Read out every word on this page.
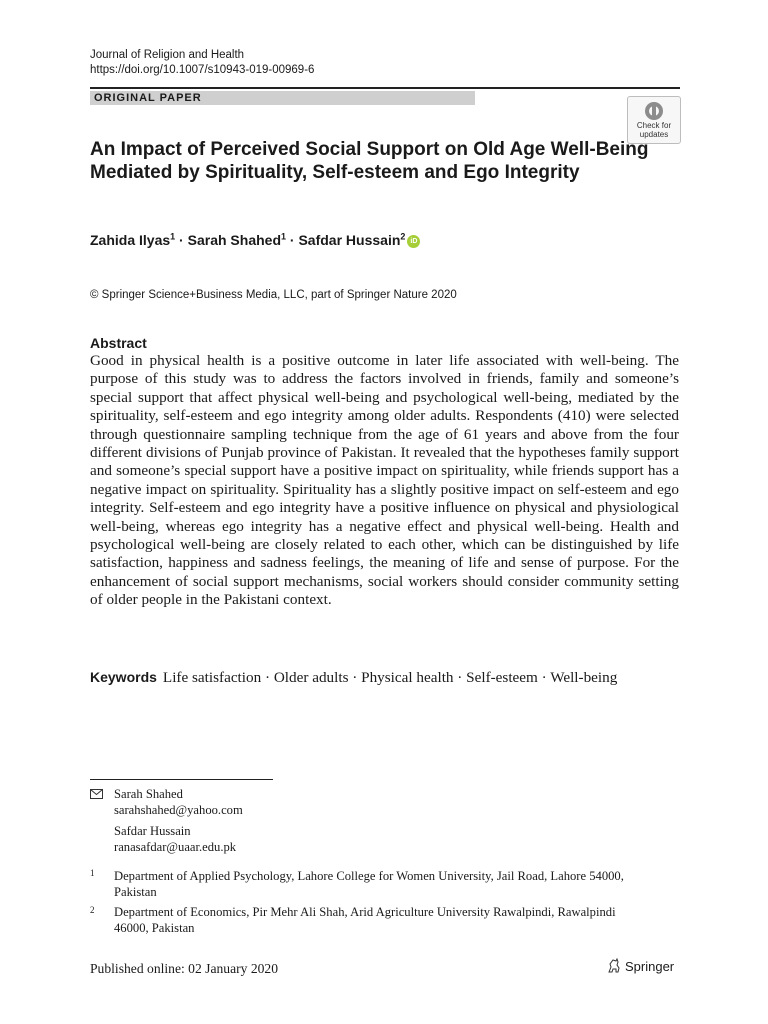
Journal of Religion and Health
https://doi.org/10.1007/s10943-019-00969-6
ORIGINAL PAPER
Check for
updates
An Impact of Perceived Social Support on Old Age Well-Being Mediated by Spirituality, Self-esteem and Ego Integrity
Zahida Ilyas$^1$ · Sarah Shahed$^1$ · Safdar Hussain$^2$ iD
© Springer Science+Business Media, LLC, part of Springer Nature 2020
Abstract
Good in physical health is a positive outcome in later life associated with well-being. The purpose of this study was to address the factors involved in friends, family and someone’s special support that affect physical well-being and psychological well-being, mediated by the spirituality, self-esteem and ego integrity among older adults. Respondents (410) were selected through questionnaire sampling technique from the age of 61 years and above from the four different divisions of Punjab province of Pakistan. It revealed that the hypotheses family support and someone’s special support have a positive impact on spirituality, while friends support has a negative impact on spirituality. Spirituality has a slightly positive impact on self-esteem and ego integrity. Self-esteem and ego integrity have a positive influence on physical and physiological well-being, whereas ego integrity has a negative effect and physical well-being. Health and psychological well-being are closely related to each other, which can be distinguished by life satisfaction, happiness and sadness feelings, the meaning of life and sense of purpose. For the enhancement of social support mechanisms, social workers should consider community setting of older people in the Pakistani context.
Keywords Life satisfaction · Older adults · Physical health · Self-esteem · Well-being
Sarah Shahed
sarahshahed@yahoo.com
Safdar Hussain
ranasafdar@uaar.edu.pk
1 Department of Applied Psychology, Lahore College for Women University, Jail Road, Lahore 54000, Pakistan
2 Department of Economics, Pir Mehr Ali Shah, Arid Agriculture University Rawalpindi, Rawalpindi 46000, Pakistan
Published online: 02 January 2020	Springer
